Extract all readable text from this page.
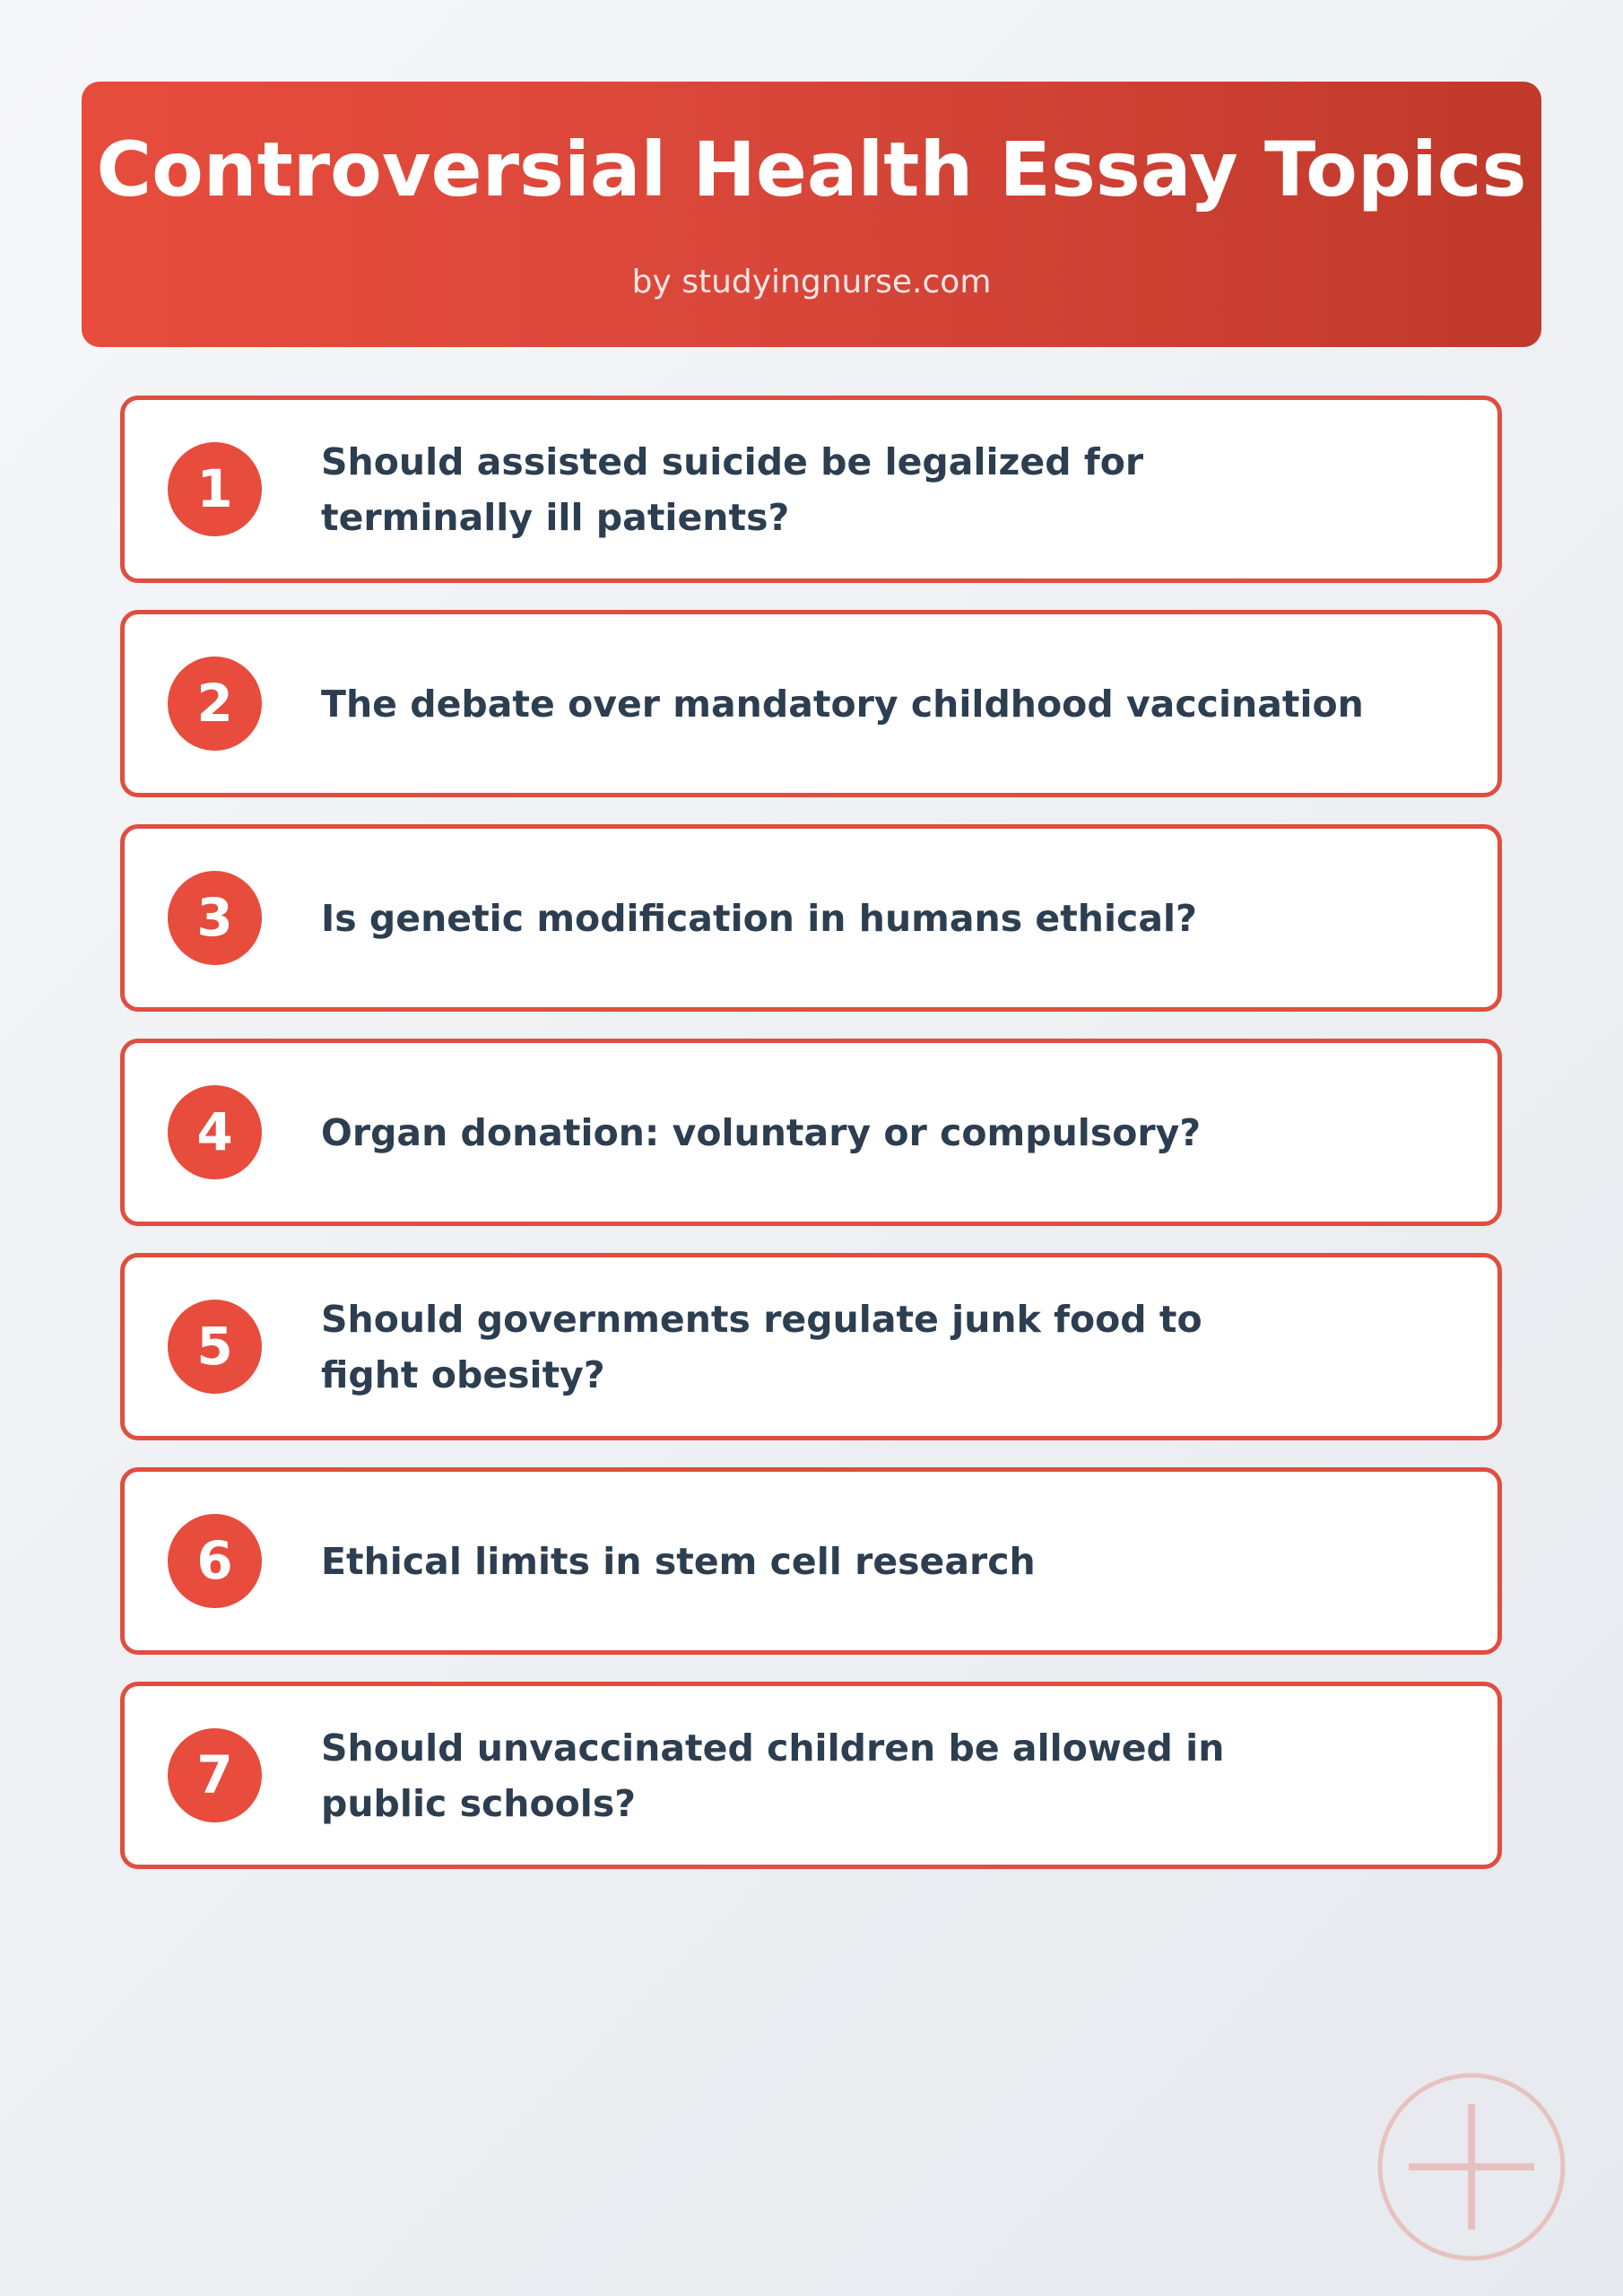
Controversial Health Essay Topics
by studyingnurse.com
1	Should assisted suicide be legalized for terminally ill patients?
2	The debate over mandatory childhood vaccination
3	Is genetic modification in humans ethical?
4	Organ donation: voluntary or compulsory?
5	Should governments regulate junk food to fight obesity?
6	Ethical limits in stem cell research
7	Should unvaccinated children be allowed in public schools?
